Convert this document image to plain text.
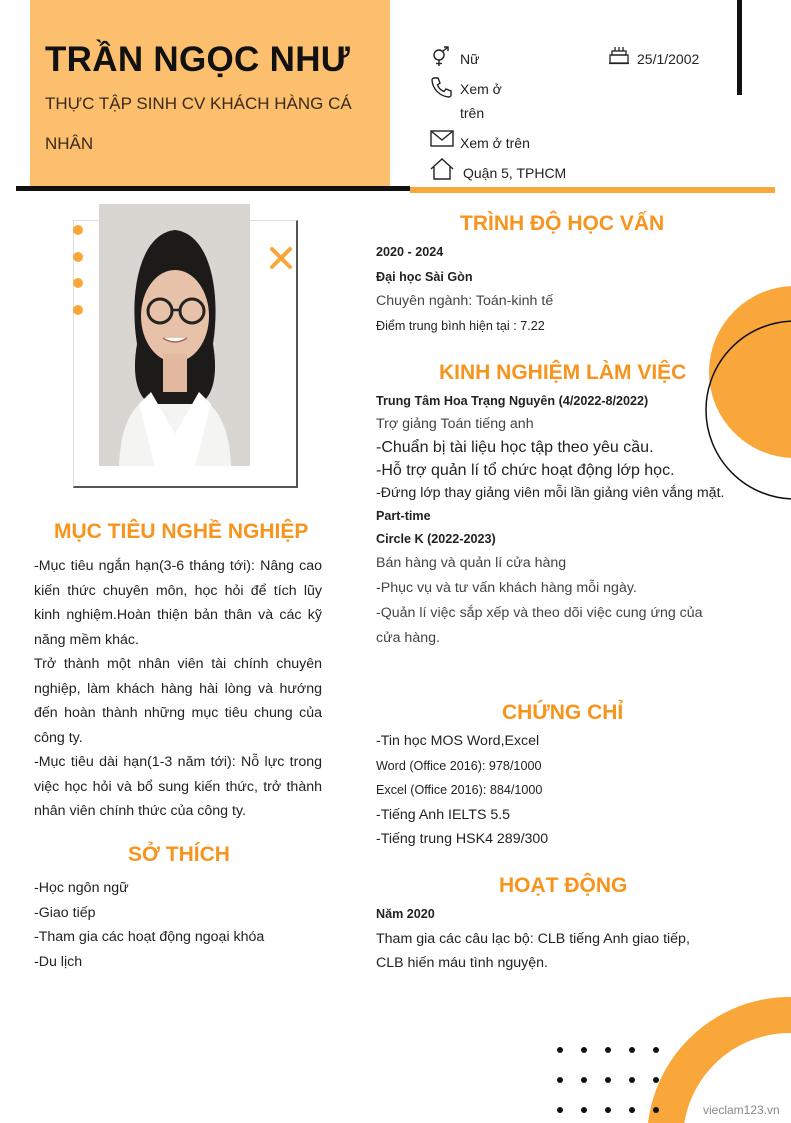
TRẦN NGỌC NHƯ
THỰC TẬP SINH CV KHÁCH HÀNG CÁ NHÂN
Nữ	25/1/2002
Xem ở
trên
Xem ở trên
Quận 5, TPHCM
MỤC TIÊU NGHỀ NGHIỆP
-Mục tiêu ngắn hạn(3-6 tháng tới): Nâng cao kiến thức chuyên môn, học hỏi để tích lũy kinh nghiệm.Hoàn thiện bản thân và các kỹ năng mềm khác.
Trở thành một nhân viên tài chính chuyên nghiệp, làm khách hàng hài lòng và hướng đến hoàn thành những mục tiêu chung của công ty.
-Mục tiêu dài hạn(1-3 năm tới): Nỗ lực trong việc học hỏi và bổ sung kiến thức, trở thành nhân viên chính thức của công ty.
SỞ THÍCH
-Học ngôn ngữ
-Giao tiếp
-Tham gia các hoạt động ngoại khóa
-Du lịch
TRÌNH ĐỘ HỌC VẤN
2020 - 2024
Đại học Sài Gòn
Chuyên ngành: Toán-kinh tế
Điểm trung bình hiện tại : 7.22
KINH NGHIỆM LÀM VIỆC
Trung Tâm Hoa Trạng Nguyên (4/2022-8/2022)
Trợ giảng Toán tiếng anh
-Chuẩn bị tài liệu học tập theo yêu cầu.
-Hỗ trợ quản lí tổ chức hoạt động lớp học.
-Đứng lớp thay giảng viên mỗi lần giảng viên vắng mặt.
Part-time
Circle K (2022-2023)
Bán hàng và quản lí cửa hàng
-Phục vụ và tư vấn khách hàng mỗi ngày.
-Quản lí việc sắp xếp và theo dõi việc cung ứng của cửa hàng.
CHỨNG CHỈ
-Tin học MOS Word,Excel
Word (Office 2016): 978/1000
Excel (Office 2016): 884/1000
-Tiếng Anh IELTS 5.5
-Tiếng trung HSK4 289/300
HOẠT ĐỘNG
Năm 2020
Tham gia các câu lạc bộ: CLB tiếng Anh giao tiếp, CLB hiến máu tình nguyện.
vieclam123.vn
